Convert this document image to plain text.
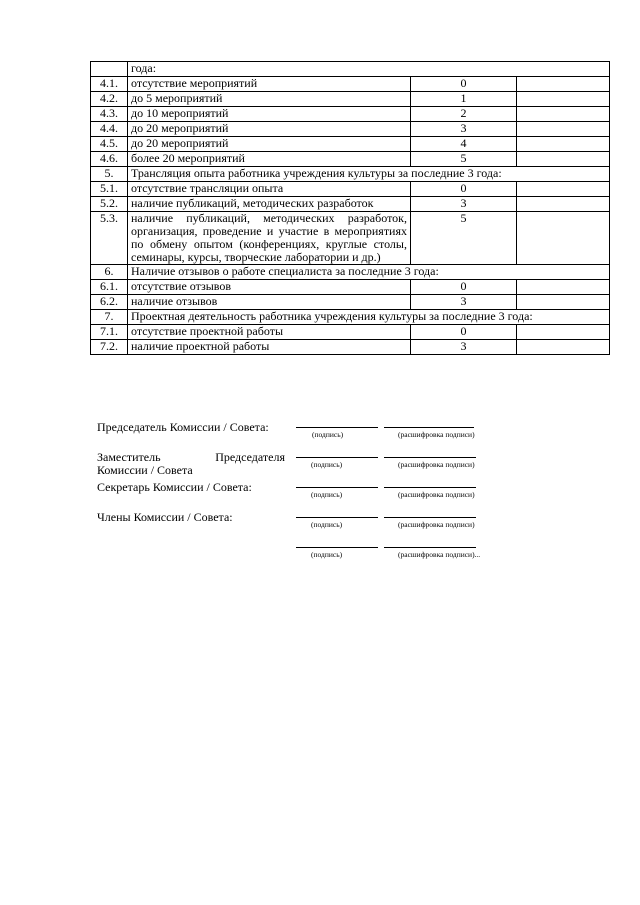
	года:		
4.1.	отсутствие мероприятий	0	
4.2.	до 5 мероприятий	1	
4.3.	до 10 мероприятий	2	
4.4.	до 20 мероприятий	3	
4.5.	до 20 мероприятий	4	
4.6.	более 20 мероприятий	5	
5.	Трансляция опыта работника учреждения культуры за последние 3 года:		
5.1.	отсутствие трансляции опыта	0	
5.2.	наличие публикаций, методических разработок	3	
5.3.	наличие публикаций, методических разработок, организация, проведение и участие в мероприятиях по обмену опытом (конференциях, круглые столы, семинары, курсы, творческие лаборатории и др.)	5	
6.	Наличие отзывов о работе специалиста за последние 3 года:		
6.1.	отсутствие отзывов	0	
6.2.	наличие отзывов	3	
7.	Проектная деятельность работника учреждения культуры за последние 3 года:		
7.1.	отсутствие проектной работы	0	
7.2.	наличие проектной работы	3	
Председатель Комиссии / Совета:
(подпись)	(расшифровка подписи)
Заместитель Председателя
Комиссии / Совета	(подпись)	(расшифровка подписи)
Секретарь Комиссии / Совета:
(подпись)	(расшифровка подписи)
Члены Комиссии / Совета:
(подпись)	(расшифровка подписи)
(подпись)	(расшифровка подписи)...
